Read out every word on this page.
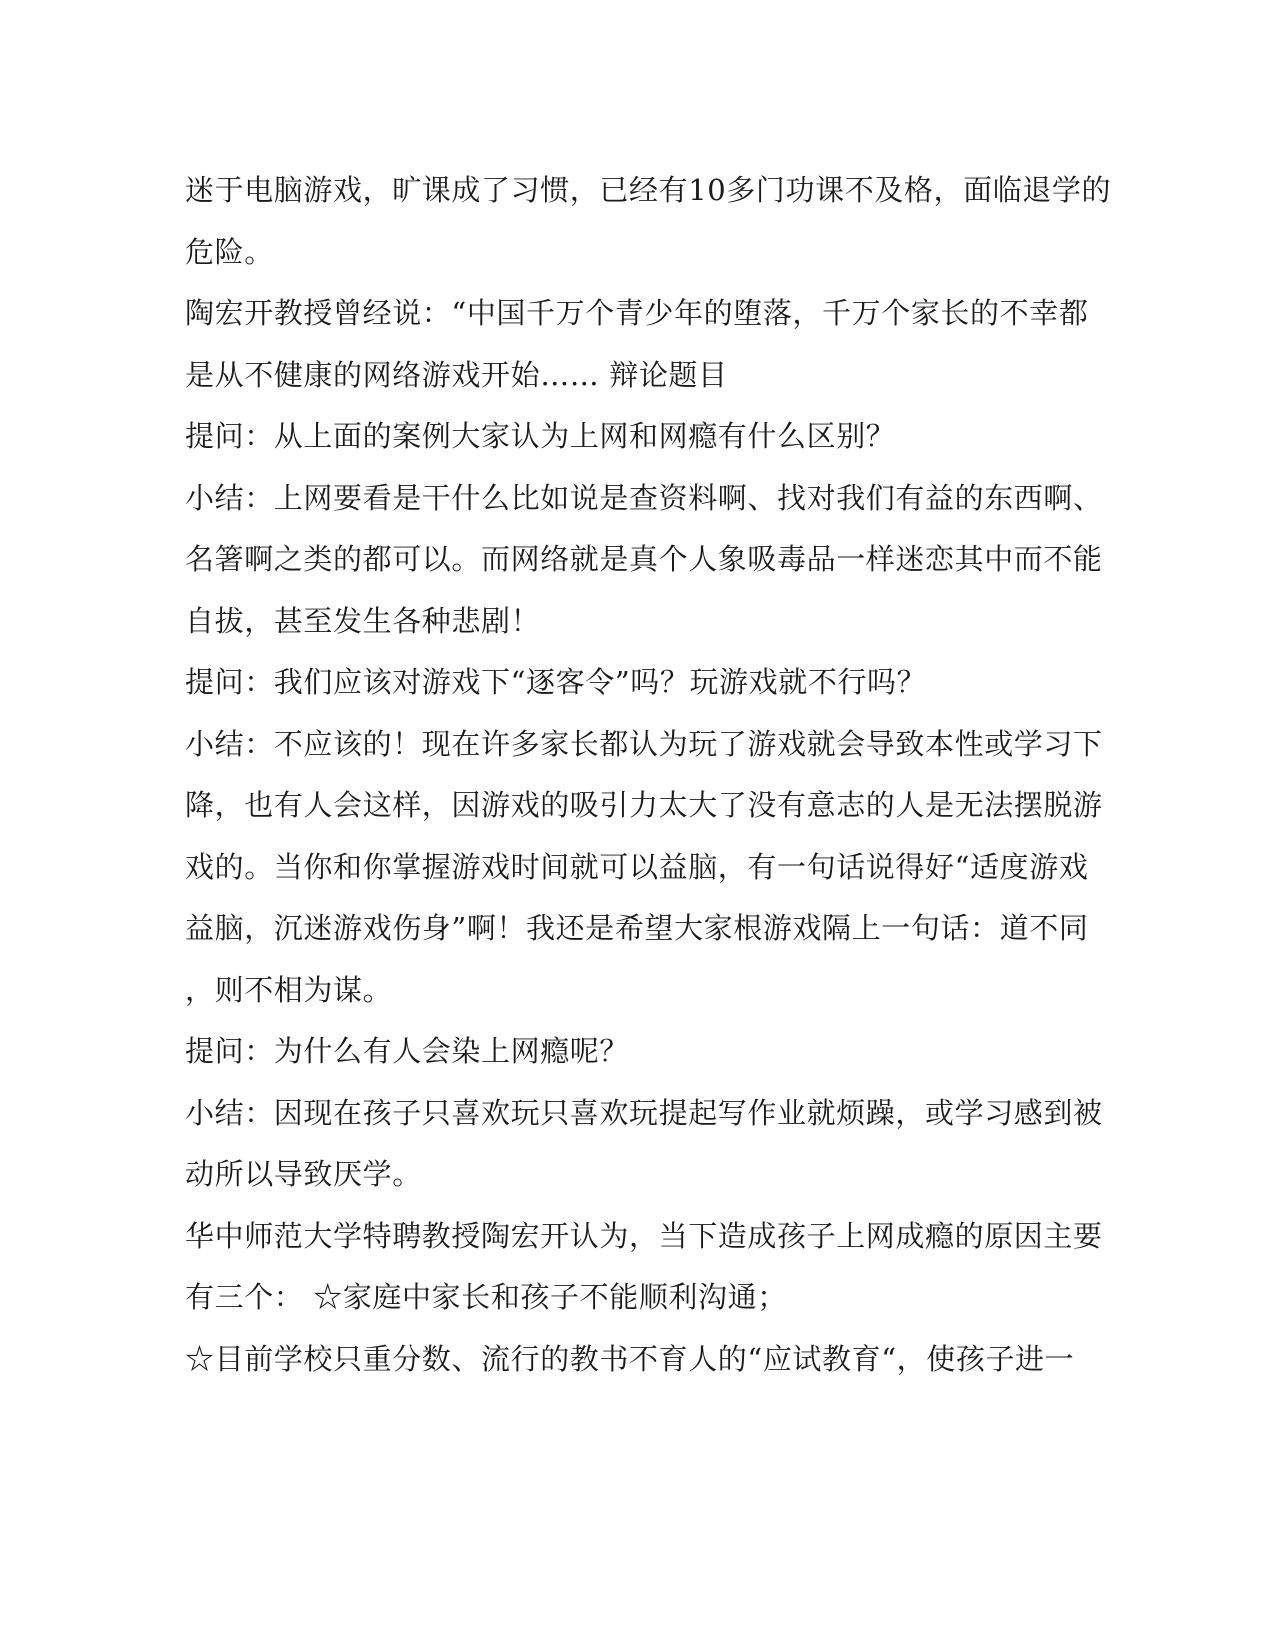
迷于电脑游戏，旷课成了习惯，已经有10多门功课不及格，面临退学的
危险。
陶宏开教授曾经说：“中国千万个青少年的堕落，千万个家长的不幸都
是从不健康的网络游戏开始…… 辩论题目
提问：从上面的案例大家认为上网和网瘾有什么区别？
小结：上网要看是干什么比如说是查资料啊、找对我们有益的东西啊、
名箸啊之类的都可以。而网络就是真个人象吸毒品一样迷恋其中而不能
自拔，甚至发生各种悲剧！
提问：我们应该对游戏下“逐客令”吗？玩游戏就不行吗？
小结：不应该的！现在许多家长都认为玩了游戏就会导致本性或学习下
降，也有人会这样，因游戏的吸引力太大了没有意志的人是无法摆脱游
戏的。当你和你掌握游戏时间就可以益脑，有一句话说得好“适度游戏
益脑，沉迷游戏伤身”啊！我还是希望大家根游戏隔上一句话：道不同
，则不相为谋。
提问：为什么有人会染上网瘾呢？
小结：因现在孩子只喜欢玩只喜欢玩提起写作业就烦躁，或学习感到被
动所以导致厌学。
华中师范大学特聘教授陶宏开认为，当下造成孩子上网成瘾的原因主要
有三个： ☆家庭中家长和孩子不能顺利沟通；
☆目前学校只重分数、流行的教书不育人的“应试教育“，使孩子进一
